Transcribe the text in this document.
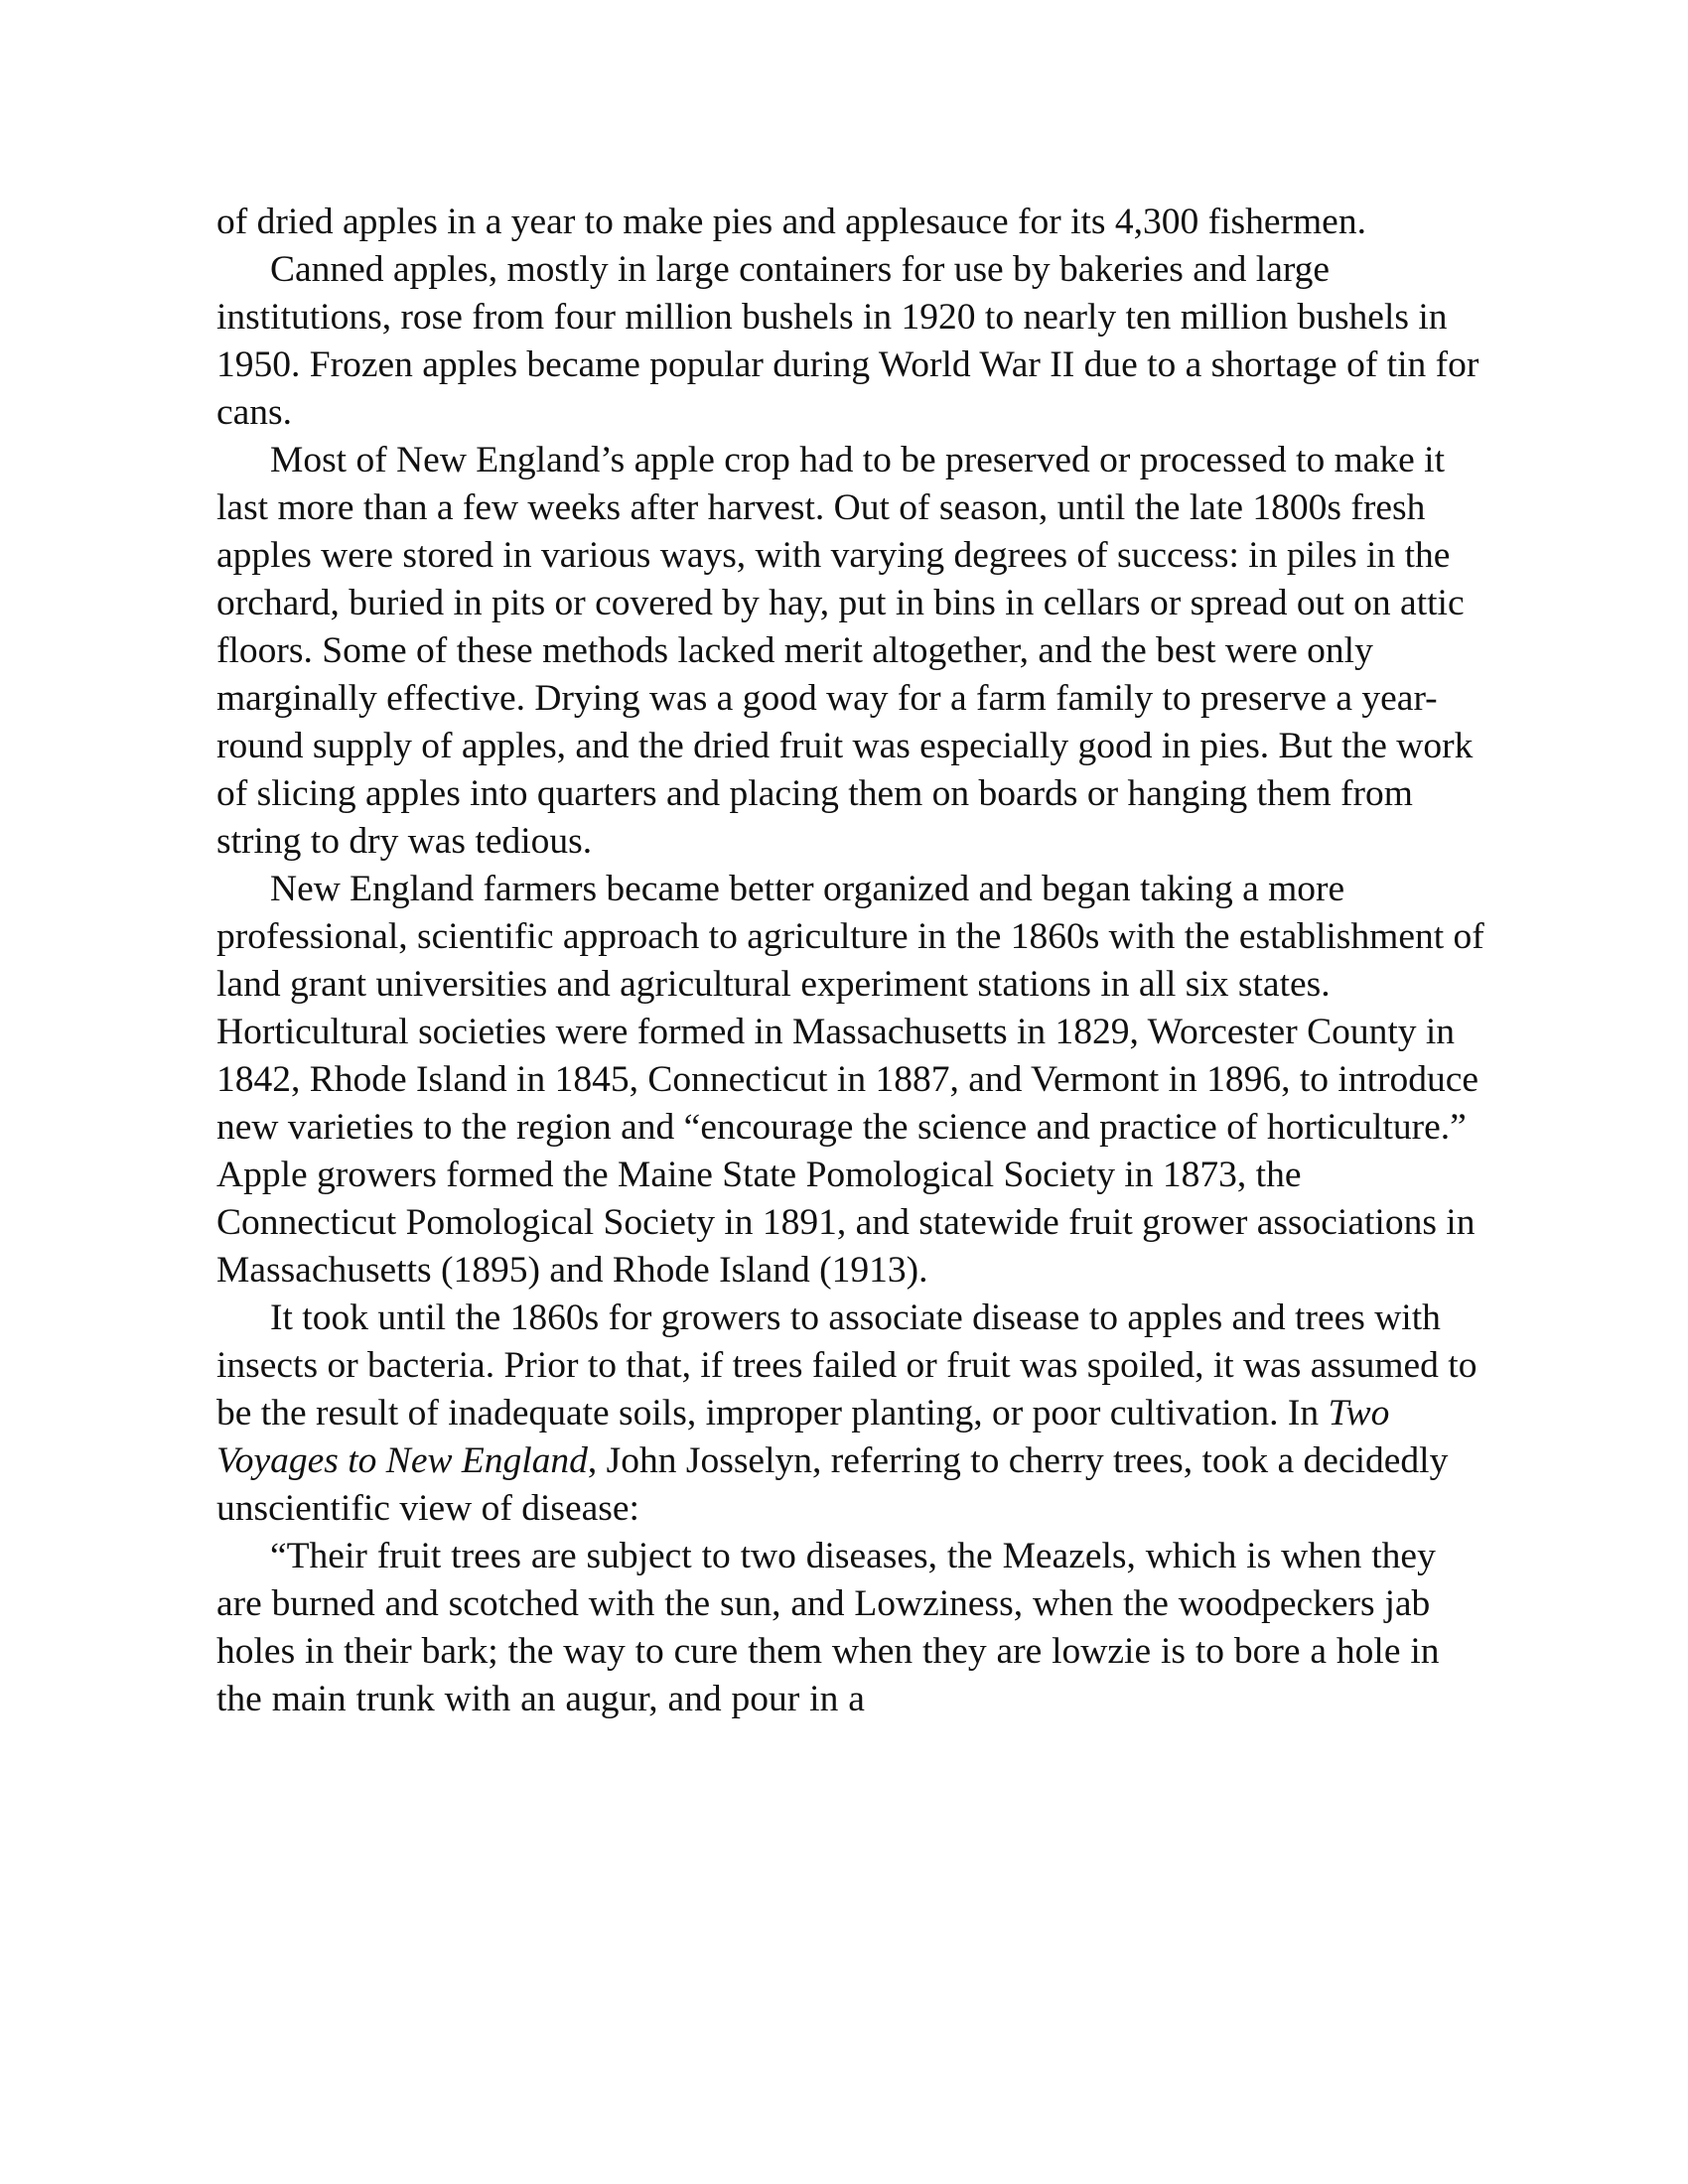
of dried apples in a year to make pies and applesauce for its 4,300 fishermen.

Canned apples, mostly in large containers for use by bakeries and large institutions, rose from four million bushels in 1920 to nearly ten million bushels in 1950. Frozen apples became popular during World War II due to a shortage of tin for cans.

Most of New England’s apple crop had to be preserved or processed to make it last more than a few weeks after harvest. Out of season, until the late 1800s fresh apples were stored in various ways, with varying degrees of success: in piles in the orchard, buried in pits or covered by hay, put in bins in cellars or spread out on attic floors. Some of these methods lacked merit altogether, and the best were only marginally effective. Drying was a good way for a farm family to preserve a year-round supply of apples, and the dried fruit was especially good in pies. But the work of slicing apples into quarters and placing them on boards or hanging them from string to dry was tedious.

New England farmers became better organized and began taking a more professional, scientific approach to agriculture in the 1860s with the establishment of land grant universities and agricultural experiment stations in all six states. Horticultural societies were formed in Massachusetts in 1829, Worcester County in 1842, Rhode Island in 1845, Connecticut in 1887, and Vermont in 1896, to introduce new varieties to the region and “encourage the science and practice of horticulture.” Apple growers formed the Maine State Pomological Society in 1873, the Connecticut Pomological Society in 1891, and statewide fruit grower associations in Massachusetts (1895) and Rhode Island (1913).

It took until the 1860s for growers to associate disease to apples and trees with insects or bacteria. Prior to that, if trees failed or fruit was spoiled, it was assumed to be the result of inadequate soils, improper planting, or poor cultivation. In Two Voyages to New England, John Josselyn, referring to cherry trees, took a decidedly unscientific view of disease:

“Their fruit trees are subject to two diseases, the Meazels, which is when they are burned and scotched with the sun, and Lowziness, when the woodpeckers jab holes in their bark; the way to cure them when they are lowzie is to bore a hole in the main trunk with an augur, and pour in a
